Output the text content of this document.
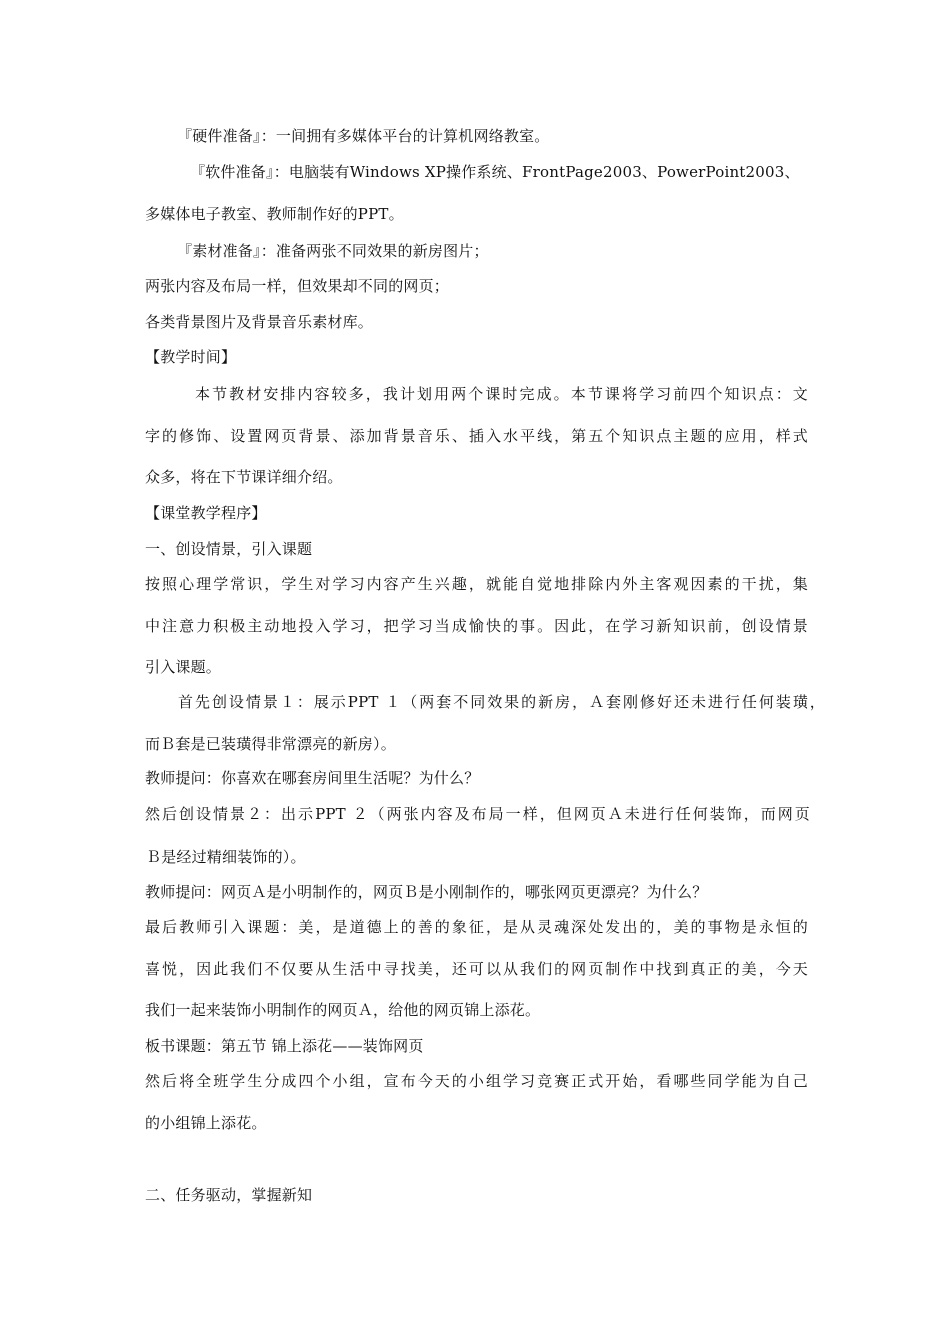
『硬件准备』：一间拥有多媒体平台的计算机网络教室。
『软件准备』：电脑装有Windows XP操作系统、FrontPage2003、PowerPoint2003、
多媒体电子教室、教师制作好的PPT。
『素材准备』：准备两张不同效果的新房图片；
两张内容及布局一样，但效果却不同的网页；
各类背景图片及背景音乐素材库。
【教学时间】
本节教材安排内容较多，我计划用两个课时完成。本节课将学习前四个知识点：文
字的修饰、设置网页背景、添加背景音乐、插入水平线，第五个知识点主题的应用，样式
众多，将在下节课详细介绍。
【课堂教学程序】
一、创设情景，引入课题
按照心理学常识，学生对学习内容产生兴趣，就能自觉地排除内外主客观因素的干扰，集
中注意力积极主动地投入学习，把学习当成愉快的事。因此，在学习新知识前，创设情景
引入课题。
首先创设情景１：展示PPT １（两套不同效果的新房，Ａ套刚修好还未进行任何装璜，
而Ｂ套是已装璜得非常漂亮的新房）。
教师提问：你喜欢在哪套房间里生活呢？为什么？
然后创设情景２：出示PPT ２（两张内容及布局一样，但网页Ａ未进行任何装饰，而网页
Ｂ是经过精细装饰的）。
教师提问：网页Ａ是小明制作的，网页Ｂ是小刚制作的，哪张网页更漂亮？为什么？
最后教师引入课题：美，是道德上的善的象征，是从灵魂深处发出的，美的事物是永恒的
喜悦，因此我们不仅要从生活中寻找美，还可以从我们的网页制作中找到真正的美，今天
我们一起来装饰小明制作的网页Ａ，给他的网页锦上添花。
板书课题：第五节 锦上添花——装饰网页
然后将全班学生分成四个小组，宣布今天的小组学习竞赛正式开始，看哪些同学能为自己
的小组锦上添花。
二、任务驱动，掌握新知
